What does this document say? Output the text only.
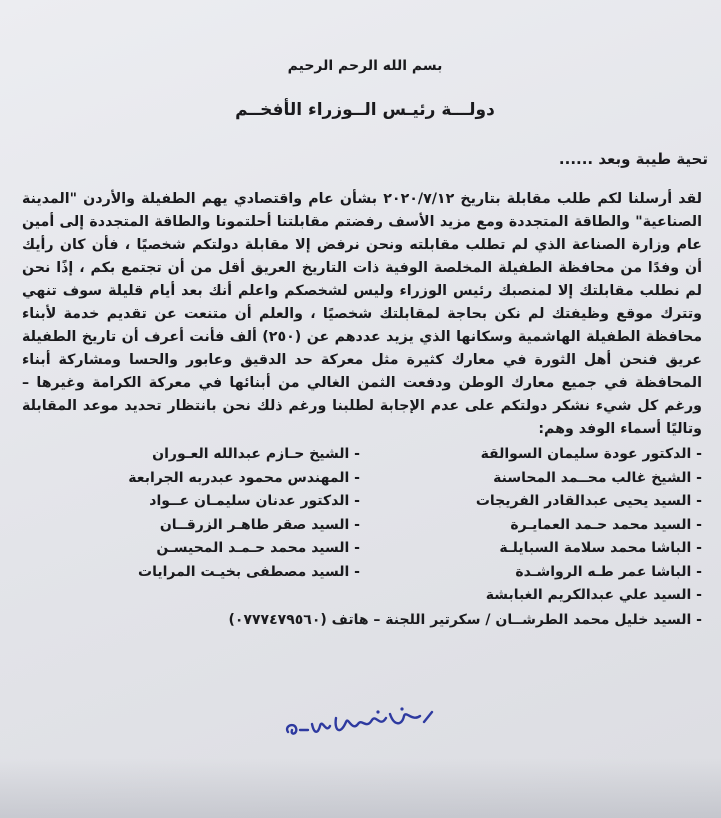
بسم الله الرحم الرحيم
دولـــة رئيـس الــوزراء الأفخــم
تحية طيبة وبعد ......
لقد أرسلنا لكم طلب مقابلة بتاريخ ٢٠٢٠/٧/١٢ بشأن عام واقتصادي يهم الطفيلة والأردن "المدينة الصناعية" والطاقة المتجددة ومع مزيد الأسف رفضتم مقابلتنا أحلتمونا والطاقة المتجددة إلى أمين عام وزارة الصناعة الذي لم تطلب مقابلته ونحن نرفض إلا مقابلة دولتكم شخصيًا ، فأن كان رأيك أن وفدًا من محافظة الطفيلة المخلصة الوفية ذات التاريخ العريق أقل من أن تجتمع بكم ، إذًا نحن لم نطلب مقابلتك إلا لمنصبك رئيس الوزراء وليس لشخصكم واعلم أنك بعد أيام قليلة سوف تنهي وتترك موقع وظيفتك لم نكن بحاجة لمقابلتك شخصيًا ، والعلم أن متنعت عن تقديم خدمة لأبناء محافظة الطفيلة الهاشمية وسكانها الذي يزيد عددهم عن (٢٥٠) ألف فأنت أعرف أن تاريخ الطفيلة عريق فنحن أهل الثورة في معارك كثيرة مثل معركة حد الدقيق وعابور والحسا ومشاركة أبناء المحافظة في جميع معارك الوطن ودفعت الثمن الغالي من أبنائها في معركة الكرامة وغيرها – ورغم كل شيء نشكر دولتكم على عدم الإجابة لطلبنا ورغم ذلك نحن بانتظار تحديد موعد المقابلة وتاليًا أسماء الوفد وهم:
- الدكتور عودة سليمان السوالقة
- الشيخ غالب محــمد المحاسنة
- السيد يحيى عبدالقادر الفريجات
- السيد محمد حـمد العمايـرة
- الباشا محمد سلامة السبايلـة
- الباشا عمر طـه الرواشـدة
- السيد علي عبدالكريم الغبابشة
- الشيخ حـازم عبدالله العـوران
- المهندس محمود عبدربه الجرابعة
- الدكتور عدنان سليمـان عــواد
- السيد صقر طاهـر الزرقــان
- السيد محمد حـمـد المحيسـن
- السيد مصطفى بخيـت المرايات
- السيد خليل محمد الطرشــان / سكرتير اللجنة – هاتف (٠٧٧٧٤٧٩٥٦٠)
